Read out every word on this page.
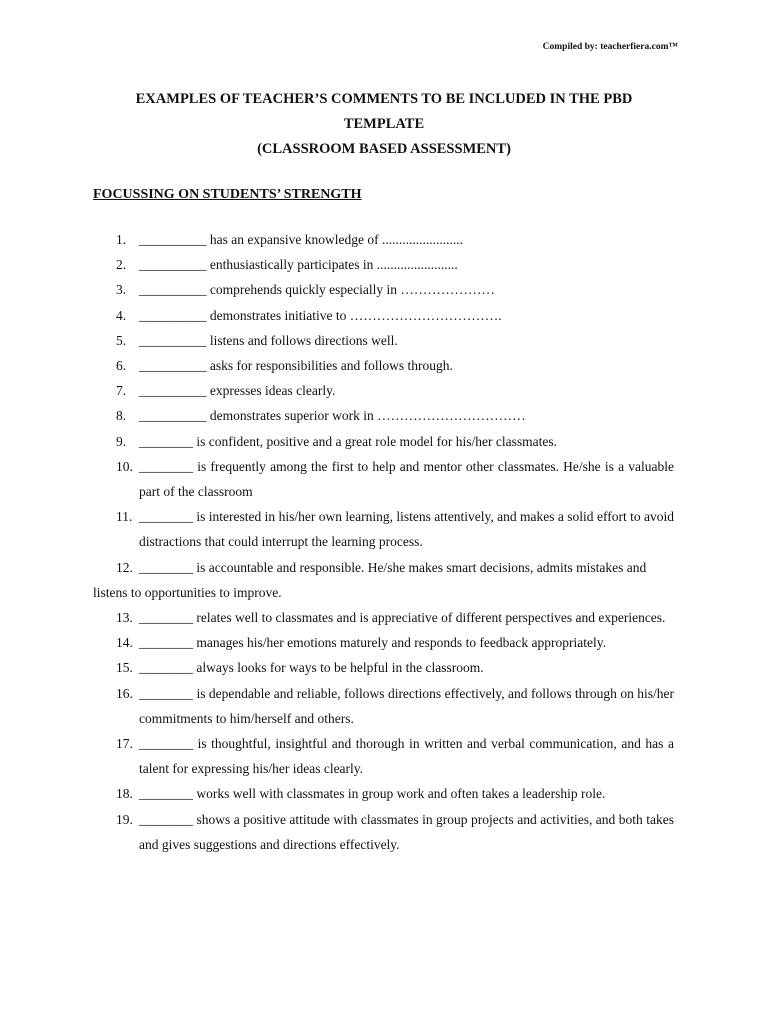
Compiled by: teacherfiera.com™
EXAMPLES OF TEACHER’S COMMENTS TO BE INCLUDED IN THE PBD
TEMPLATE
(CLASSROOM BASED ASSESSMENT)
FOCUSSING ON STUDENTS’ STRENGTH
1. __________ has an expansive knowledge of ........................
2. __________ enthusiastically participates in ........................
3. __________ comprehends quickly especially in …………………
4. __________ demonstrates initiative to …………………………….
5. __________ listens and follows directions well.
6. __________ asks for responsibilities and follows through.
7. __________ expresses ideas clearly.
8. __________ demonstrates superior work in ……………………………
9. ________ is confident, positive and a great role model for his/her classmates.
10. ________ is frequently among the first to help and mentor other classmates. He/she is a valuable part of the classroom
11. ________ is interested in his/her own learning, listens attentively, and makes a solid effort to avoid distractions that could interrupt the learning process.
12. ________ is accountable and responsible. He/she makes smart decisions, admits mistakes and listens to opportunities to improve.
13. ________ relates well to classmates and is appreciative of different perspectives and experiences.
14. ________ manages his/her emotions maturely and responds to feedback appropriately.
15. ________ always looks for ways to be helpful in the classroom.
16. ________ is dependable and reliable, follows directions effectively, and follows through on his/her commitments to him/herself and others.
17. ________ is thoughtful, insightful and thorough in written and verbal communication, and has a talent for expressing his/her ideas clearly.
18. ________ works well with classmates in group work and often takes a leadership role.
19. ________ shows a positive attitude with classmates in group projects and activities, and both takes and gives suggestions and directions effectively.
